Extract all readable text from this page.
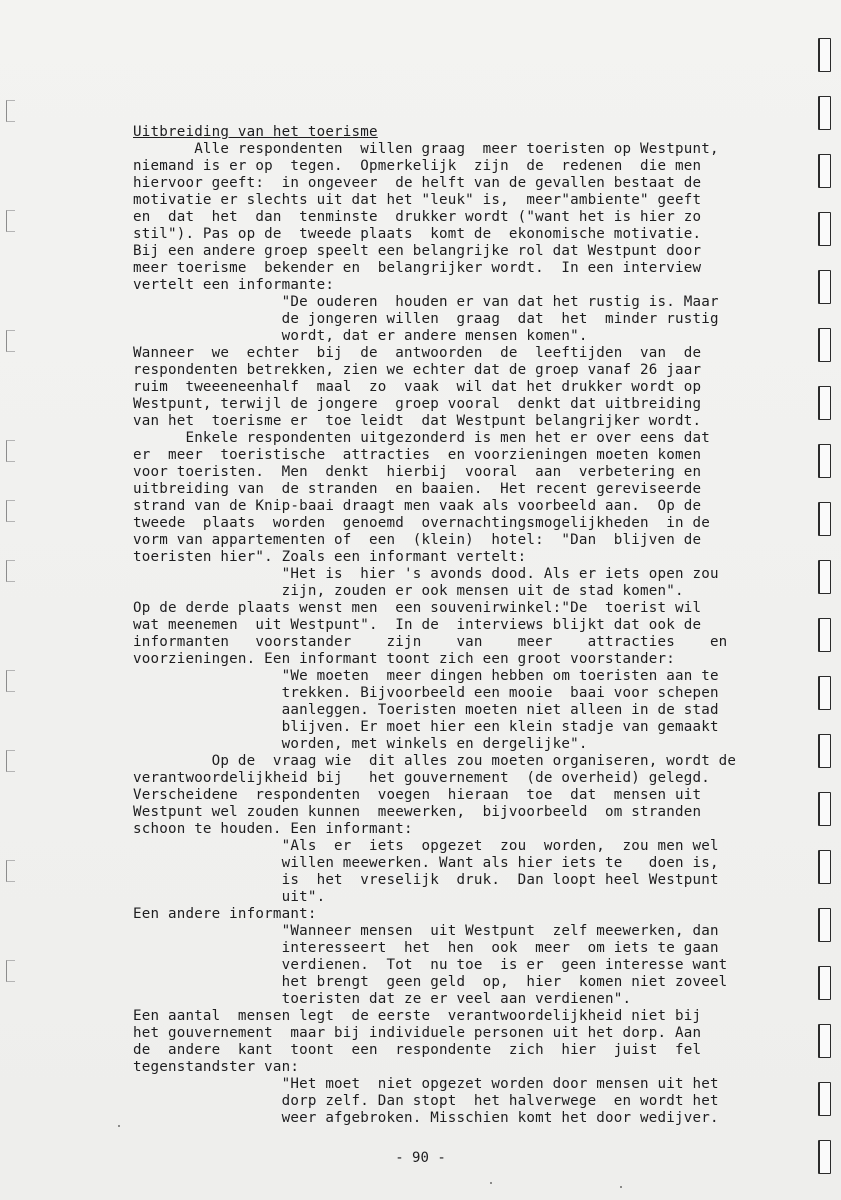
Uitbreiding van het toerisme
Alle respondenten  willen graag  meer toeristen op Westpunt,
niemand is er op  tegen.  Opmerkelijk  zijn  de  redenen  die men
hiervoor geeft:  in ongeveer  de helft van de gevallen bestaat de
motivatie er slechts uit dat het "leuk" is,  meer"ambiente" geeft
en  dat  het  dan  tenminste  drukker wordt ("want het is hier zo
stil"). Pas op de  tweede plaats  komt de  ekonomische motivatie.
Bij een andere groep speelt een belangrijke rol dat Westpunt door
meer toerisme  bekender en  belangrijker wordt.  In een interview
vertelt een informante:
"De ouderen  houden er van dat het rustig is. Maar
de jongeren willen  graag  dat  het  minder rustig
wordt, dat er andere mensen komen".
Wanneer  we  echter  bij  de  antwoorden  de  leeftijden  van  de
respondenten betrekken, zien we echter dat de groep vanaf 26 jaar
ruim  tweeeneenhalf  maal  zo  vaak  wil dat het drukker wordt op
Westpunt, terwijl de jongere  groep vooral  denkt dat uitbreiding
van het  toerisme er  toe leidt  dat Westpunt belangrijker wordt.
Enkele respondenten uitgezonderd is men het er over eens dat
er  meer  toeristische  attracties  en voorzieningen moeten komen
voor toeristen.  Men  denkt  hierbij  vooral  aan  verbetering en
uitbreiding van  de stranden  en baaien.  Het recent gereviseerde
strand van de Knip-baai draagt men vaak als voorbeeld aan.  Op de
tweede  plaats  worden  genoemd  overnachtingsmogelijkheden  in de
vorm van appartementen of  een  (klein)  hotel:  "Dan  blijven de
toeristen hier". Zoals een informant vertelt:
"Het is  hier 's avonds dood. Als er iets open zou
zijn, zouden er ook mensen uit de stad komen".
Op de derde plaats wenst men  een souvenirwinkel:"De  toerist wil
wat meenemen  uit Westpunt".  In de  interviews blijkt dat ook de
informanten   voorstander    zijn    van    meer    attracties    en
voorzieningen. Een informant toont zich een groot voorstander:
"We moeten  meer dingen hebben om toeristen aan te
trekken. Bijvoorbeeld een mooie  baai voor schepen
aanleggen. Toeristen moeten niet alleen in de stad
blijven. Er moet hier een klein stadje van gemaakt
worden, met winkels en dergelijke".
Op de  vraag wie  dit alles zou moeten organiseren, wordt de
verantwoordelijkheid bij   het gouvernement  (de overheid) gelegd.
Verscheidene  respondenten  voegen  hieraan  toe  dat  mensen uit
Westpunt wel zouden kunnen  meewerken,  bijvoorbeeld  om stranden
schoon te houden. Een informant:
"Als  er  iets  opgezet  zou  worden,  zou men wel
willen meewerken. Want als hier iets te   doen is,
is  het  vreselijk  druk.  Dan loopt heel Westpunt
uit".
Een andere informant:
"Wanneer mensen  uit Westpunt  zelf meewerken, dan
interesseert  het  hen  ook  meer  om iets te gaan
verdienen.  Tot  nu toe  is er  geen interesse want
het brengt  geen geld  op,  hier  komen niet zoveel
toeristen dat ze er veel aan verdienen".
Een aantal  mensen legt  de eerste  verantwoordelijkheid niet bij
het gouvernement  maar bij individuele personen uit het dorp. Aan
de  andere  kant  toont  een  respondente  zich  hier  juist  fel
tegenstandster van:
"Het moet  niet opgezet worden door mensen uit het
dorp zelf. Dan stopt  het halverwege  en wordt het
weer afgebroken. Misschien komt het door wedijver.
- 90 -
